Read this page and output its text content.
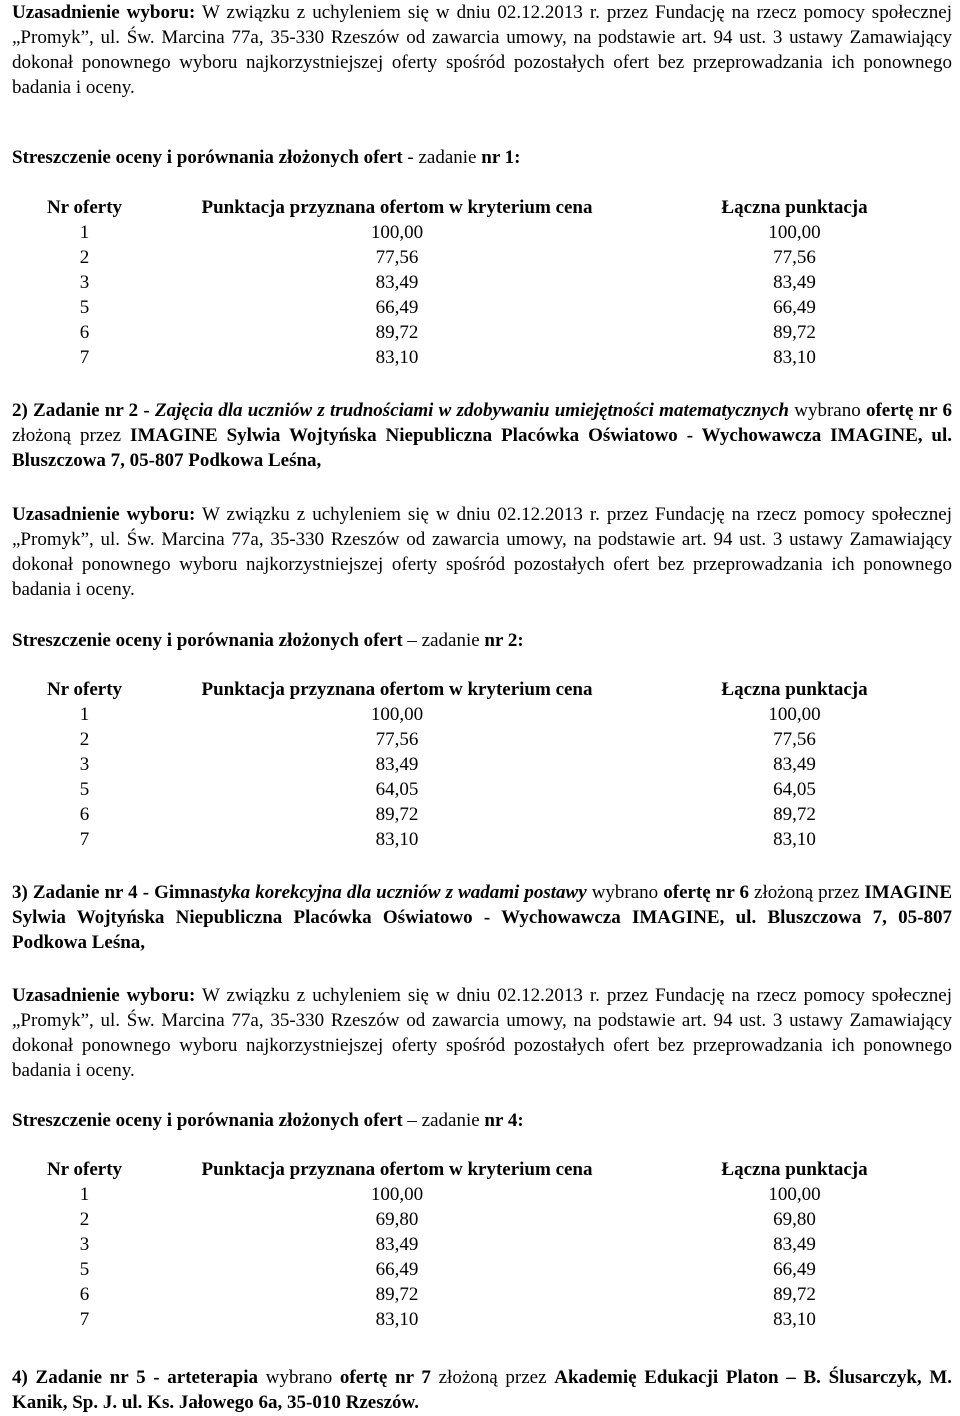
Uzasadnienie wyboru: W związku z uchyleniem się w dniu 02.12.2013 r. przez Fundację na rzecz pomocy społecznej „Promyk”, ul. Św. Marcina 77a, 35-330 Rzeszów od zawarcia umowy, na podstawie art. 94 ust. 3 ustawy Zamawiający dokonał ponownego wyboru najkorzystniejszej oferty spośród pozostałych ofert bez przeprowadzania ich ponownego badania i oceny.

Streszczenie oceny i porównania złożonych ofert - zadanie nr 1:

Nr oferty	Punktacja przyznana ofertom w kryterium cena	Łączna punktacja
1	100,00	100,00
2	77,56	77,56
3	83,49	83,49
5	66,49	66,49
6	89,72	89,72
7	83,10	83,10

2) Zadanie nr 2 - Zajęcia dla uczniów z trudnościami w zdobywaniu umiejętności matematycznych wybrano ofertę nr 6 złożoną przez IMAGINE Sylwia Wojtyńska Niepubliczna Placówka Oświatowo - Wychowawcza IMAGINE, ul. Bluszczowa 7, 05-807 Podkowa Leśna,

Uzasadnienie wyboru: W związku z uchyleniem się w dniu 02.12.2013 r. przez Fundację na rzecz pomocy społecznej „Promyk”, ul. Św. Marcina 77a, 35-330 Rzeszów od zawarcia umowy, na podstawie art. 94 ust. 3 ustawy Zamawiający dokonał ponownego wyboru najkorzystniejszej oferty spośród pozostałych ofert bez przeprowadzania ich ponownego badania i oceny.

Streszczenie oceny i porównania złożonych ofert – zadanie nr 2:

Nr oferty	Punktacja przyznana ofertom w kryterium cena	Łączna punktacja
1	100,00	100,00
2	77,56	77,56
3	83,49	83,49
5	64,05	64,05
6	89,72	89,72
7	83,10	83,10

3) Zadanie nr 4 - Gimnastyka korekcyjna dla uczniów z wadami postawy wybrano ofertę nr 6 złożoną przez IMAGINE Sylwia Wojtyńska Niepubliczna Placówka Oświatowo - Wychowawcza IMAGINE, ul. Bluszczowa 7, 05-807 Podkowa Leśna,

Uzasadnienie wyboru: W związku z uchyleniem się w dniu 02.12.2013 r. przez Fundację na rzecz pomocy społecznej „Promyk”, ul. Św. Marcina 77a, 35-330 Rzeszów od zawarcia umowy, na podstawie art. 94 ust. 3 ustawy Zamawiający dokonał ponownego wyboru najkorzystniejszej oferty spośród pozostałych ofert bez przeprowadzania ich ponownego badania i oceny.

Streszczenie oceny i porównania złożonych ofert – zadanie nr 4:

Nr oferty	Punktacja przyznana ofertom w kryterium cena	Łączna punktacja
1	100,00	100,00
2	69,80	69,80
3	83,49	83,49
5	66,49	66,49
6	89,72	89,72
7	83,10	83,10

4) Zadanie nr 5 - arteterapia wybrano ofertę nr 7 złożoną przez Akademię Edukacji Platon – B. Ślusarczyk, M. Kanik, Sp. J. ul. Ks. Jałowego 6a, 35-010 Rzeszów.
